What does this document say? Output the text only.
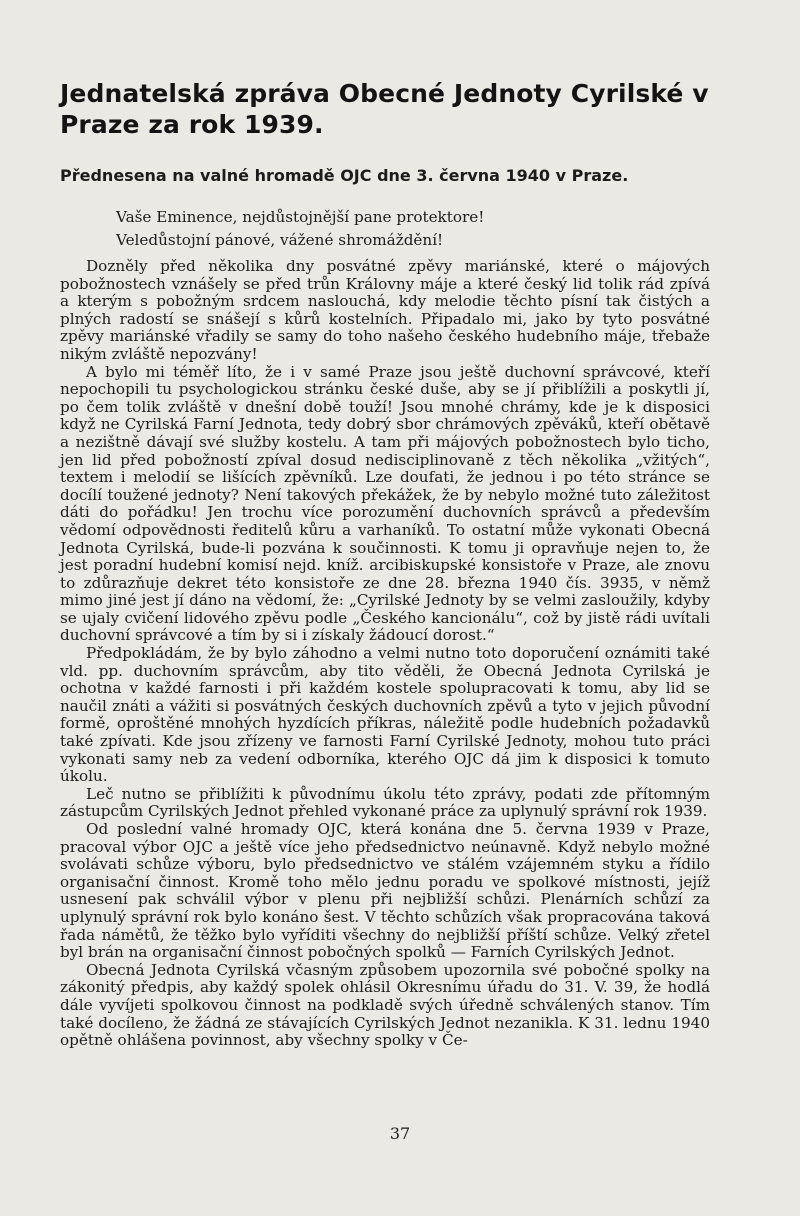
Jednatelská zpráva Obecné Jednoty Cyrilské v Praze za rok 1939.
Přednesena na valné hromadě OJC dne 3. června 1940 v Praze.
Vaše Eminence, nejdůstojnější pane protektore!
Veledůstojní pánové, vážené shromáždění!

Dozněly před několika dny posvátné zpěvy mariánské, které o májových pobožnostech vznášely se před trůn Královny máje a které český lid tolik rád zpívá a kterým s pobožným srdcem naslouchá, kdy melodie těchto písní tak čistých a plných radostí se snášejí s kůrů kostelních. Připadalo mi, jako by tyto posvátné zpěvy mariánské vřadily se samy do toho našeho českého hudebního máje, třebaže nikým zvláště nepozvány!

A bylo mi téměř líto, že i v samé Praze jsou ještě duchovní správcové, kteří nepochopili tu psychologickou stránku české duše, aby se jí přiblížili a poskytli jí, po čem tolik zvláště v dnešní době touží! Jsou mnohé chrámy, kde je k disposici když ne Cyrilská Farní Jednota, tedy dobrý sbor chrámových zpěváků, kteří obětavě a nezištně dávají své služby kostelu. A tam při májových pobožnostech bylo ticho, jen lid před pobožností zpíval dosud nedisciplinovaně z těch několika „vžitých“, textem i melodií se lišících zpěvníků. Lze doufati, že jednou i po této stránce se docílí toužené jednoty? Není takových překážek, že by nebylo možné tuto záležitost dáti do pořádku! Jen trochu více porozumění duchovních správců a především vědomí odpovědnosti ředitelů kůru a varhaníků. To ostatní může vykonati Obecná Jednota Cyrilská, bude-li pozvána k součinnosti. K tomu ji opravňuje nejen to, že jest poradní hudební komisí nejd. kníž. arcibiskupské konsistoře v Praze, ale znovu to zdůrazňuje dekret této konsistoře ze dne 28. března 1940 čís. 3935, v němž mimo jiné jest jí dáno na vědomí, že: „Cyrilské Jednoty by se velmi zasloužily, kdyby se ujaly cvičení lidového zpěvu podle „Českého kancionálu“, což by jistě rádi uvítali duchovní správcové a tím by si i získaly žádoucí dorost.“

Předpokládám, že by bylo záhodno a velmi nutno toto doporučení oznámiti také vld. pp. duchovním správcům, aby tito věděli, že Obecná Jednota Cyrilská je ochotna v každé farnosti i při každém kostele spolupracovati k tomu, aby lid se naučil znáti a vážiti si posvátných českých duchovních zpěvů a tyto v jejich původní formě, oproštěné mnohých hyzdících příkras, náležitě podle hudebních požadavků také zpívati. Kde jsou zřízeny ve farnosti Farní Cyrilské Jednoty, mohou tuto práci vykonati samy neb za vedení odborníka, kterého OJC dá jim k disposici k tomuto úkolu.

Leč nutno se přiblížiti k původnímu úkolu této zprávy, podati zde přítomným zástupcům Cyrilských Jednot přehled vykonané práce za uplynulý správní rok 1939.

Od poslední valné hromady OJC, která konána dne 5. června 1939 v Praze, pracoval výbor OJC a ještě více jeho předsednictvo neúnavně. Když nebylo možné svolávati schůze výboru, bylo předsednictvo ve stálém vzájemném styku a řídilo organisační činnost. Kromě toho mělo jednu poradu ve spolkové místnosti, jejíž usnesení pak schválil výbor v plenu při nejbližší schůzi. Plenárních schůzí za uplynulý správní rok bylo konáno šest. V těchto schůzích však propracována taková řada námětů, že těžko bylo vyříditi všechny do nejbližší příští schůze. Velký zřetel byl brán na organisační činnost pobočných spolků — Farních Cyrilských Jednot.

Obecná Jednota Cyrilská včasným způsobem upozornila své pobočné spolky na zákonitý předpis, aby každý spolek ohlásil Okresnímu úřadu do 31. V. 39, že hodlá dále vyvíjeti spolkovou činnost na podkladě svých úředně schválených stanov. Tím také docíleno, že žádná ze stávajících Cyrilských Jednot nezanikla. K 31. lednu 1940 opětně ohlášena povinnost, aby všechny spolky v Če-

37
